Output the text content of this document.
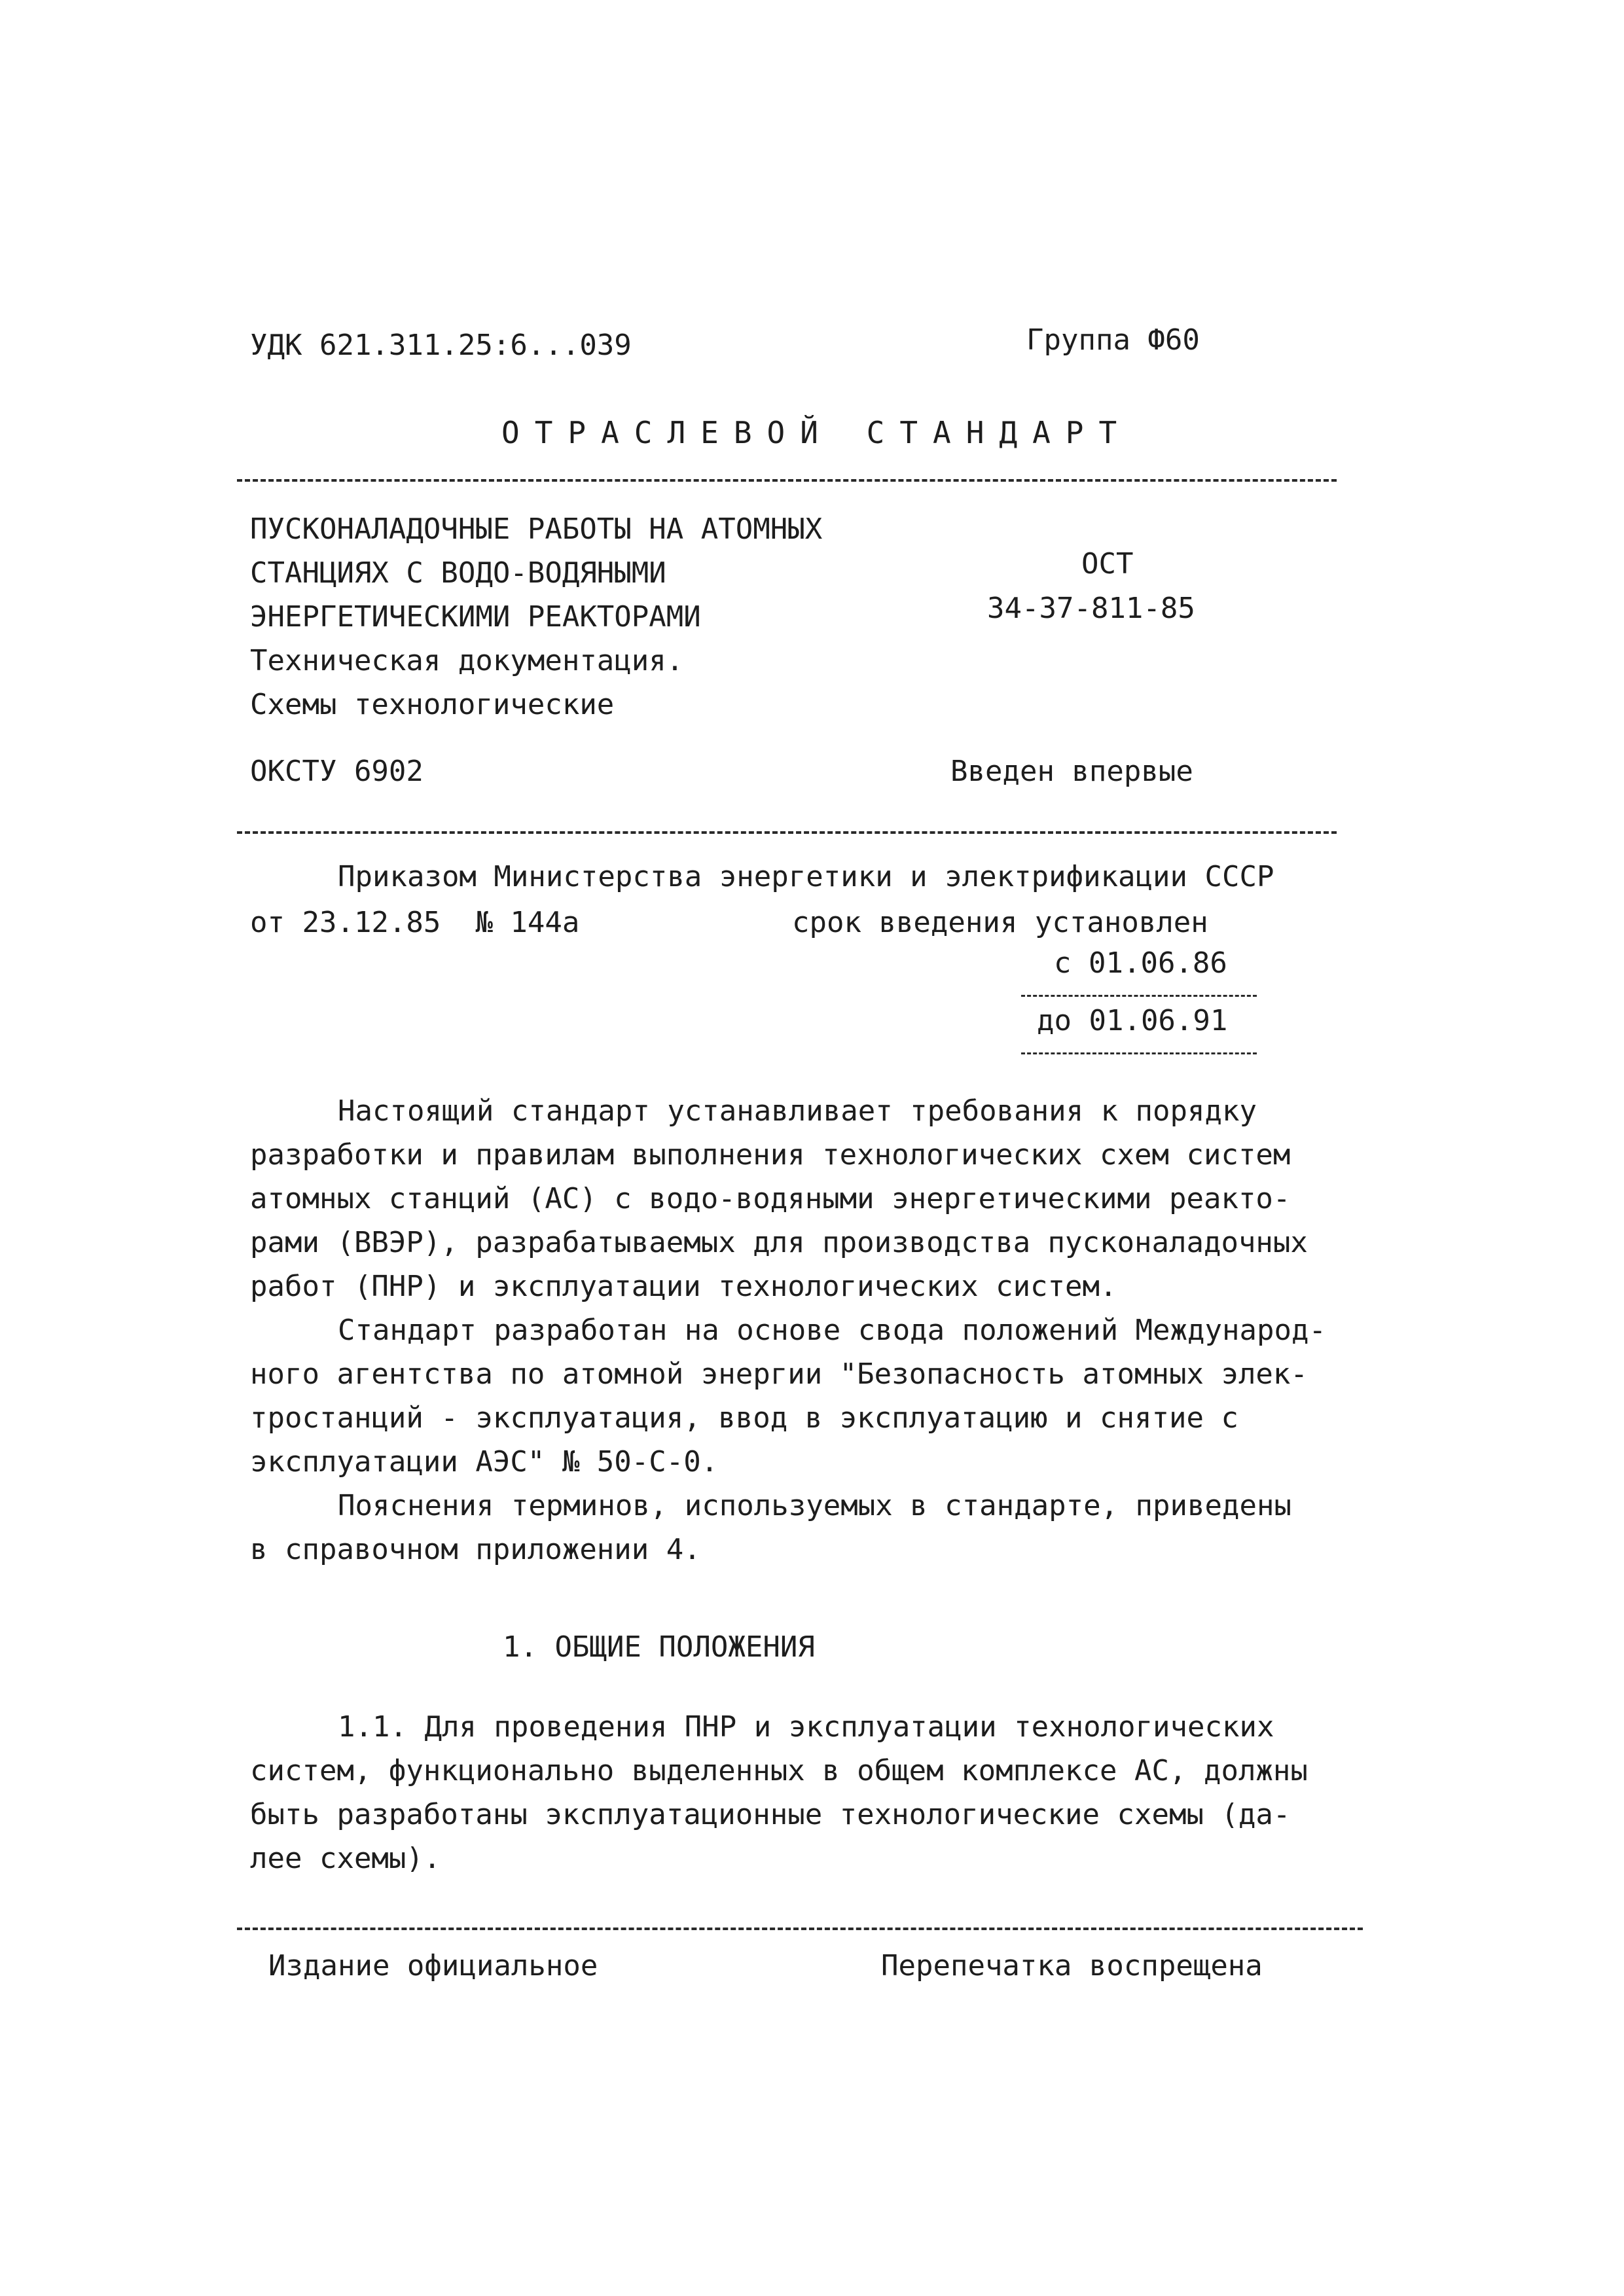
УДК 621.311.25:6...039	Группа Ф60
ОТРАСЛЕВОЙ СТАНДАРТ
ПУСКОНАЛАДОЧНЫЕ РАБОТЫ НА АТОМНЫХ
СТАНЦИЯХ С ВОДО-ВОДЯНЫМИ
ЭНЕРГЕТИЧЕСКИМИ РЕАКТОРАМИ
Техническая документация.
Схемы технологические
ОСТ
34-37-811-85
ОКСТУ 6902	Введен впервые
Приказом Министерства энергетики и электрификации СССР
от 23.12.85  № 144а	срок введения установлен
с 01.06.86
до 01.06.91
Настоящий стандарт устанавливает требования к порядку
разработки и правилам выполнения технологических схем систем
атомных станций (АС) с водо-водяными энергетическими реакто-
рами (ВВЭР), разрабатываемых для производства пусконаладочных
работ (ПНР) и эксплуатации технологических систем.
Стандарт разработан на основе свода положений Международ-
ного агентства по атомной энергии "Безопасность атомных элек-
тростанций - эксплуатация, ввод в эксплуатацию и снятие с
эксплуатации АЭС" № 50-С-0.
Пояснения терминов, используемых в стандарте, приведены
в справочном приложении 4.
1. ОБЩИЕ ПОЛОЖЕНИЯ
1.1. Для проведения ПНР и эксплуатации технологических
систем, функционально выделенных в общем комплексе АС, должны
быть разработаны эксплуатационные технологические схемы (да-
лее схемы).
Издание официальное	Перепечатка воспрещена
